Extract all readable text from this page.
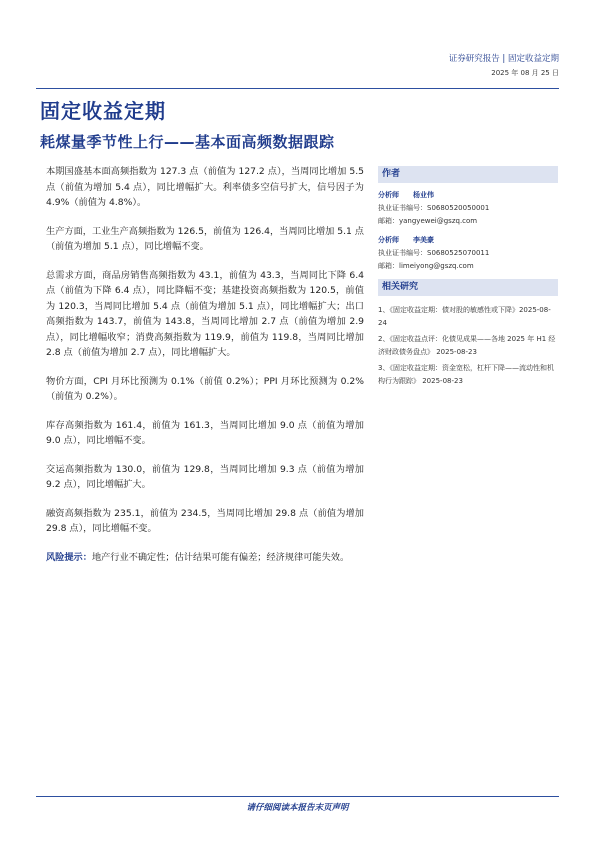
证券研究报告 | 固定收益定期
2025 年 08 月 25 日
固定收益定期
耗煤量季节性上行——基本面高频数据跟踪

本期国盛基本面高频指数为 127.3 点（前值为 127.2 点），当周同比增加 5.5 点（前值为增加 5.4 点），同比增幅扩大。利率债多空信号扩大，信号因子为 4.9%（前值为 4.8%）。

生产方面，工业生产高频指数为 126.5，前值为 126.4，当周同比增加 5.1 点（前值为增加 5.1 点），同比增幅不变。

总需求方面，商品房销售高频指数为 43.1，前值为 43.3，当周同比下降 6.4 点（前值为下降 6.4 点），同比降幅不变；基建投资高频指数为 120.5，前值为 120.3，当周同比增加 5.4 点（前值为增加 5.1 点），同比增幅扩大；出口高频指数为 143.7，前值为 143.8，当周同比增加 2.7 点（前值为增加 2.9 点），同比增幅收窄；消费高频指数为 119.9，前值为 119.8，当周同比增加 2.8 点（前值为增加 2.7 点），同比增幅扩大。

物价方面，CPI 月环比预测为 0.1%（前值 0.2%）；PPI 月环比预测为 0.2%（前值为 0.2%）。

库存高频指数为 161.4，前值为 161.3，当周同比增加 9.0 点（前值为增加 9.0 点），同比增幅不变。

交运高频指数为 130.0，前值为 129.8，当周同比增加 9.3 点（前值为增加 9.2 点），同比增幅扩大。

融资高频指数为 235.1，前值为 234.5，当周同比增加 29.8 点（前值为增加 29.8 点），同比增幅不变。

风险提示：地产行业不确定性；估计结果可能有偏差；经济规律可能失效。

作者
分析师 杨业伟
执业证书编号：S0680520050001
邮箱：yangyewei@gszq.com
分析师 李美豪
执业证书编号：S0680525070011
邮箱：limeiyong@gszq.com
相关研究
1、《固定收益定期：债对股的敏感性或下降》2025-08-24
2、《固定收益点评：化债见成果——各地 2025 年 H1 经济财政债务盘点》 2025-08-23
3、《固定收益定期：资金宽松，杠杆下降——流动性和机构行为跟踪》 2025-08-23
请仔细阅读本报告末页声明
